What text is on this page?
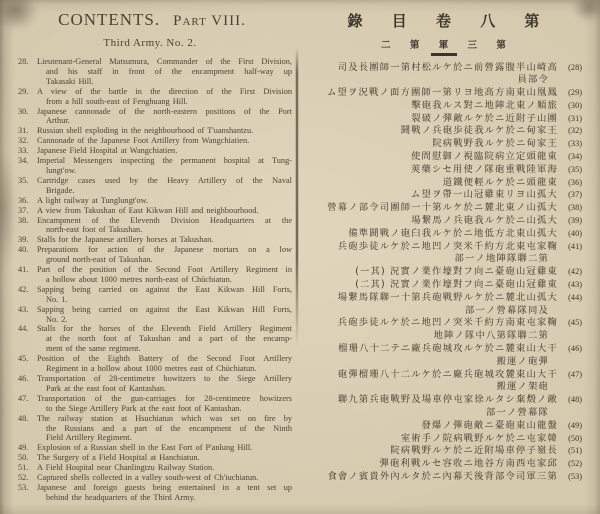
CONTENTS. Part VIII.
Third Army. No. 2.
28. Lieutenant-General Matsumura, Commander of the First Division,
and his staff in front of the encampment half-way up
Takasaki Hill.
29. A view of the battle in the direction of the First Division
from a hill south-east of Fenghuang Hill.
30. Japanese cannonade of the north-eastern positions of the Port
Arthur.
31. Russian shell exploding in the neighbourhood of T'uanshantzu.
32. Cannonade of the Japanese Foot Artillery from Wangchiatien.
33. Japanese Field Hospital at Wangchiatien.
34. Imperial Messengers inspecting the permanent hospital at Tung-
lungt'ow.
35. Cartridge cases used by the Heavy Artillery of the Naval
Brigade.
36. A light railway at Tunglungt'ow.
37. A view from Takushan of East Kikwan Hill and neighbourhood.
38. Encampment of the Eleventh Division Headquarters at the
north-east foot of Takushan.
39. Stalls for the Japanese artillery horses at Takushan.
40. Preparations for action of the Japanese mortars on a low
ground north-east of Takushan.
41. Part of the position of the Second Foot Artillery Regiment in
a hollow about 1000 metres north-east of Chüchiatun.
42. Sapping being carried on against the East Kikwan Hill Forts,
No. 1.
43. Sapping being carried on against the East Kikwan Hill Forts,
No. 2.
44. Stalls for the horses of the Eleventh Field Artillery Regiment
at the north foot of Takushan and a part of the encamp-
ment of the same regiment.
45. Position of the Eighth Battery of the Second Foot Artillery
Regiment in a hollow about 1000 metres east of Chüchiatun.
46. Transportation of 28-centimetre howitzers to the Siege Artillery
Park at the east foot of Kantashan.
47. Transportation of the gun-carriages for 28-centimetre howitzers
to the Siege Artillery Park at the east foot of Kantashan.
48. The railway station at Hsuchiatun which was set on fire by
the Russians and a part of the encampment of the Ninth
Field Artillery Regiment.
49. Explosion of a Russian shell in the East Fort of P'anlung Hill.
50. The Surgery of a Field Hospital at Hanchiatun.
51. A Field Hospital near Chanlingtzu Railway Station.
52. Captured shells collected in a valley south-west of Ch'iuchiatun.
53. Japanese and foreign guests being entertained in a tent set up
behind the headquarters of the Third Army.
錄 目 卷 八 第
二 第 軍 三 第
司及長團師一第村松ルケ於ニ前營露腹半山崎高	(28)
員部令
ム望ヲ況戰ノ面方團師一第リヨ地高方南東山凰鳳	(29)
擊砲我ルス對ニ地陣北東ノ順旅	(30)
裂破ノ彈敵ルケ於ニ近附子山團	(31)
鬪戰ノ兵砲歩徒我ルケ於ニ甸家王	(32)
院病戰野我ルケ於ニ甸家王	(33)
使問慰御ノ視臨院病立定頭龍東	(34)
莢藥シセ用使ノ隊砲重戰陸軍海	(35)
道鐵便輕ルケ於ニ頭龍東	(36)
ム望ヲ帶一山冠雞東リヨ山孤大	(37)
營幕ノ部令司團師一十第ルケ於ニ麓北東ノ山孤大	(38)
場繋馬ノ兵砲我ルケ於ニ山孤大	(39)
備準鬪戰ノ砲臼我ルケ於ニ地低方北東山孤大	(40)
兵砲歩徒ルケ於ニ地凹ノ突米千約方北東屯家鞠	(41)
部一ノ地陣隊聯二第
(一其) 況實ノ業作壕對フ向ニ臺砲山冠雞東	(42)
(二其) 況實ノ業作壕對フ向ニ臺砲山冠雞東	(43)
場繋馬隊聯一十第兵砲戰野ルケ於ニ麓北山孤大	(44)
部一ノ營幕隊同及
兵砲歩徒ルケ於ニ地凹ノ突米千約方南東屯家鞠	(45)
地陣ノ隊中八第隊聯二第
榴珊八十二テニ廠兵砲城攻ルケ於ニ麓東山大干	(46)
搬運ノ砲彈
砲彈榴珊八十二ルケ於ニ廠兵砲城攻麓東山大干	(47)
搬運ノ架砲
聯九第兵砲戰野及場車停屯家徐ルタシ棄燬ノ敵	(48)
部一ノ營幕隊
發爆ノ彈砲敵ニ臺砲東山龍盤	(49)
室術手ノ院病戰野ルケ於ニ屯家韓	(50)
院病戰野ルケ於ニ近附場車停子嶺長	(51)
彈砲利戰ルセ容收ニ地谷方南西屯家邱	(52)
食會ノ賓貴外內ルタ於ニ內幕天後背部令司軍三第	(53)
